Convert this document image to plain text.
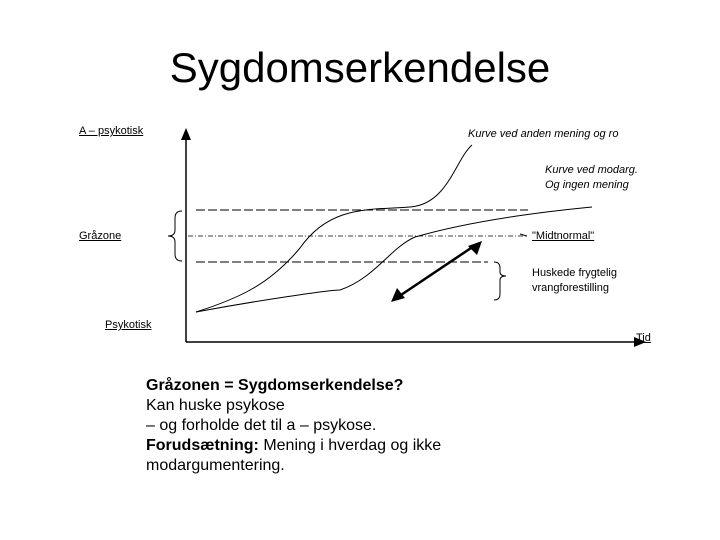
Sygdomserkendelse
A – psykotisk	Kurve ved anden mening og ro
Kurve ved modarg.
Og ingen mening
Gråzone	"Midtnormal"
Huskede frygtelig
vrangforestilling
Psykotisk
Tid
Gråzonen = Sygdomserkendelse?
Kan huske psykose
– og forholde det til a – psykose.
Forudsætning: Mening i hverdag og ikke
modargumentering.
